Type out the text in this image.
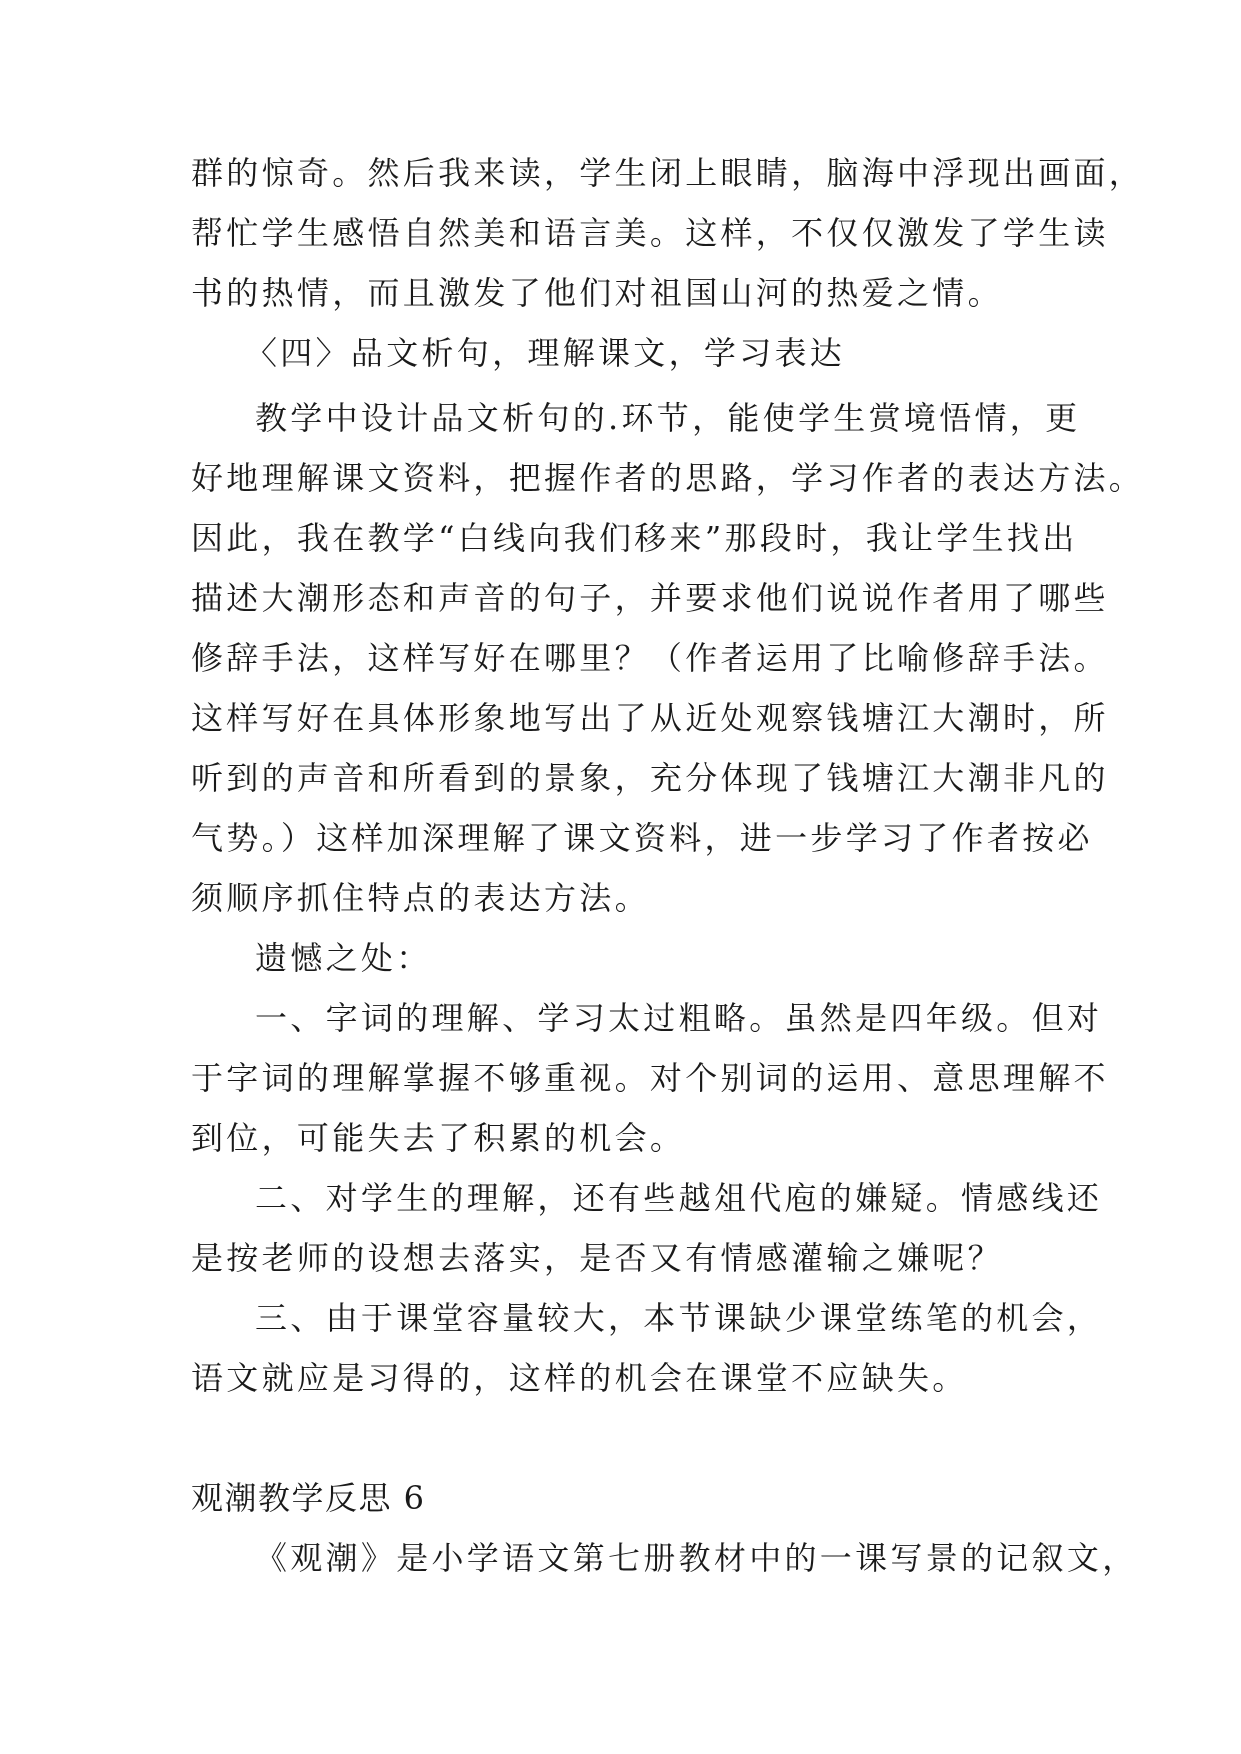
群的惊奇。然后我来读，学生闭上眼睛，脑海中浮现出画面，
帮忙学生感悟自然美和语言美。这样，不仅仅激发了学生读
书的热情，而且激发了他们对祖国山河的热爱之情。
〈四〉品文析句，理解课文，学习表达
教学中设计品文析句的.环节，能使学生赏境悟情，更
好地理解课文资料，把握作者的思路，学习作者的表达方法。
因此，我在教学“白线向我们移来”那段时，我让学生找出
描述大潮形态和声音的句子，并要求他们说说作者用了哪些
修辞手法，这样写好在哪里？（作者运用了比喻修辞手法。
这样写好在具体形象地写出了从近处观察钱塘江大潮时，所
听到的声音和所看到的景象，充分体现了钱塘江大潮非凡的
气势。）这样加深理解了课文资料，进一步学习了作者按必
须顺序抓住特点的表达方法。
遗憾之处：
一、字词的理解、学习太过粗略。虽然是四年级。但对
于字词的理解掌握不够重视。对个别词的运用、意思理解不
到位，可能失去了积累的机会。
二、对学生的理解，还有些越俎代庖的嫌疑。情感线还
是按老师的设想去落实，是否又有情感灌输之嫌呢？
三、由于课堂容量较大，本节课缺少课堂练笔的机会，
语文就应是习得的，这样的机会在课堂不应缺失。
观潮教学反思 6
《观潮》是小学语文第七册教材中的一课写景的记叙文，
